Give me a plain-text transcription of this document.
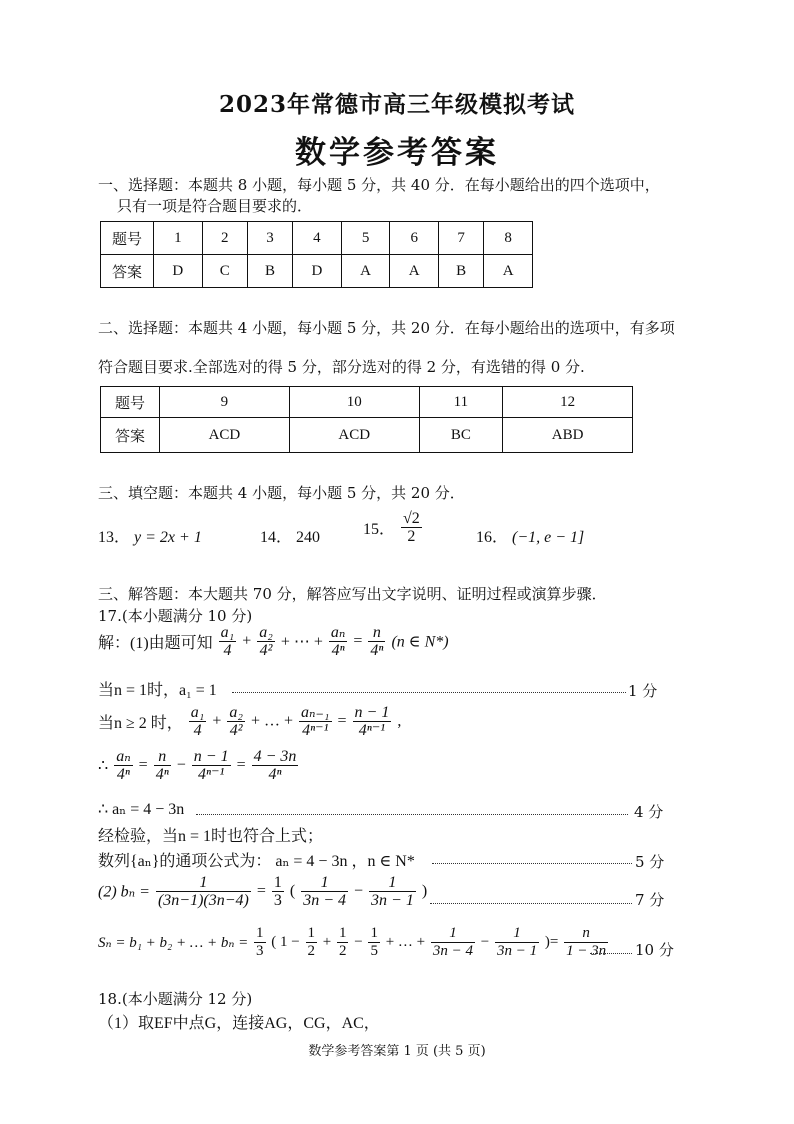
2023年常德市高三年级模拟考试
数学参考答案
一、选择题：本题共 8 小题，每小题 5 分，共 40 分．在每小题给出的四个选项中，
只有一项是符合题目要求的．
题号	1	2	3	4	5	6	7	8
答案	D	C	B	D	A	A	B	A
二、选择题：本题共 4 小题，每小题 5 分，共 20 分．在每小题给出的选项中，有多项
符合题目要求.全部选对的得 5 分，部分选对的得 2 分，有选错的得 0 分.
题号	9	10	11	12
答案	ACD	ACD	BC	ABD
三、填空题：本题共 4 小题，每小题 5 分，共 20 分．
13． y = 2x + 1	14． 240	15． $\frac{√2}{2}$	16． (−1, e − 1]
三、解答题：本大题共 70 分，解答应写出文字说明、证明过程或演算步骤．
17.(本小题满分 10 分)
解：(1)由题可知 $\frac{\text{a₁}}{4} + \frac{\text{a₂}}{\text{4²}}$ + ⋯ + $\frac{\text{aₙ}}{\text{4ⁿ}} = \frac{n}{\text{4ⁿ}} (n$ ∈ N*)
当n = 1时，a₁ = 1	1 分
当n ≥ 2 时， $\frac{\text{a₁}}{4} + \frac{\text{a₂}}{\text{4²}}$ + … + $\frac{\text{aₙ₋₁}}{\text{4ⁿ⁻¹}} = \frac{n - 1}{\text{4ⁿ⁻¹}}$ ,
∴ $\frac{\text{aₙ}}{\text{4ⁿ}} = \frac{n}{\text{4ⁿ}} - \frac{n - 1}{\text{4ⁿ⁻¹}} = \frac{4 - 3n}{\text{4ⁿ}}$
∴ aₙ = 4 − 3n	4 分
经检验，当n = 1时也符合上式；
数列{aₙ}的通项公式为： aₙ = 4 − 3n ，n ∈ N*	5 分
(2) $b_n = \frac{1}{(3n-1)(3n-4)} = \frac{1}{3}$ ( $\frac{1}{3n - 4} - \frac{1}{3n - 1}$ )	7 分
Sₙ = b₁ + b₂ + … + $b_n = \frac{1}{3}$ ( $1 - \frac{1}{2} + \frac{1}{2} - \frac{1}{5}$ + … + $\frac{1}{3n - 4} - \frac{1}{3n - 1}$ )= $\frac{n}{1 - 3n} 10$ 分
18.(本小题满分 12 分)
（1）取EF中点G，连接AG，CG，AC，
数学参考答案第 1 页 (共 5 页)
